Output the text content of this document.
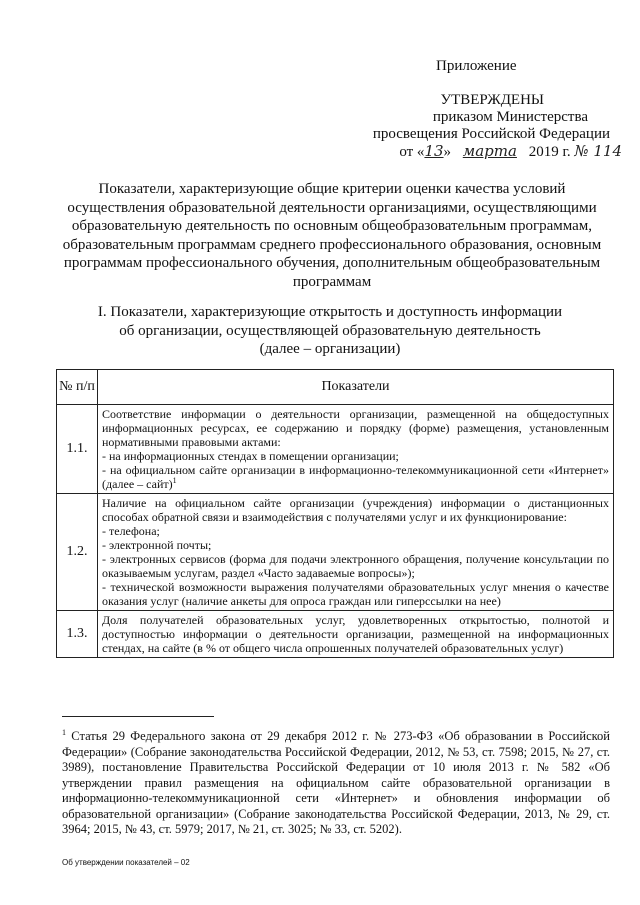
Приложение
УТВЕРЖДЕНЫ
приказом Министерства
просвещения Российской Федерации
от «13» марта 2019 г. № 114
Показатели, характеризующие общие критерии оценки качества условий осуществления образовательной деятельности организациями, осуществляющими образовательную деятельность по основным общеобразовательным программам, образовательным программам среднего профессионального образования, основным программам профессионального обучения, дополнительным общеобразовательным программам
I. Показатели, характеризующие открытость и доступность информации
об организации, осуществляющей образовательную деятельность
(далее – организации)
№ п/п	Показатели
1.1.	Соответствие информации о деятельности организации, размещенной на общедоступных информационных ресурсах, ее содержанию и порядку (форме) размещения, установленным нормативными правовыми актами:
- на информационных стендах в помещении организации;
- на официальном сайте организации в информационно-телекоммуникационной сети «Интернет» (далее – сайт)$^1$

1.2.	Наличие на официальном сайте организации (учреждения) информации о дистанционных способах обратной связи и взаимодействия с получателями услуг и их функционирование:
- телефона;
- электронной почты;
- электронных сервисов (форма для подачи электронного обращения, получение консультации по оказываемым услугам, раздел «Часто задаваемые вопросы»);
- технической возможности выражения получателями образовательных услуг мнения о качестве оказания услуг (наличие анкеты для опроса граждан или гиперссылки на нее)

1.3.	Доля получателей образовательных услуг, удовлетворенных открытостью, полнотой и доступностью информации о деятельности организации, размещенной на информационных стендах, на сайте (в % от общего числа опрошенных получателей образовательных услуг)
$^1$ Статья 29 Федерального закона от 29 декабря 2012 г. № 273-ФЗ «Об образовании в Российской Федерации» (Собрание законодательства Российской Федерации, 2012, № 53, ст. 7598; 2015, № 27, ст. 3989), постановление Правительства Российской Федерации от 10 июля 2013 г. № 582 «Об утверждении правил размещения на официальном сайте образовательной организации в информационно-телекоммуникационной сети «Интернет» и обновления информации об образовательной организации» (Собрание законодательства Российской Федерации, 2013, № 29, ст. 3964; 2015, № 43, ст. 5979; 2017, № 21, ст. 3025; № 33, ст. 5202).
Об утверждении показателей – 02
